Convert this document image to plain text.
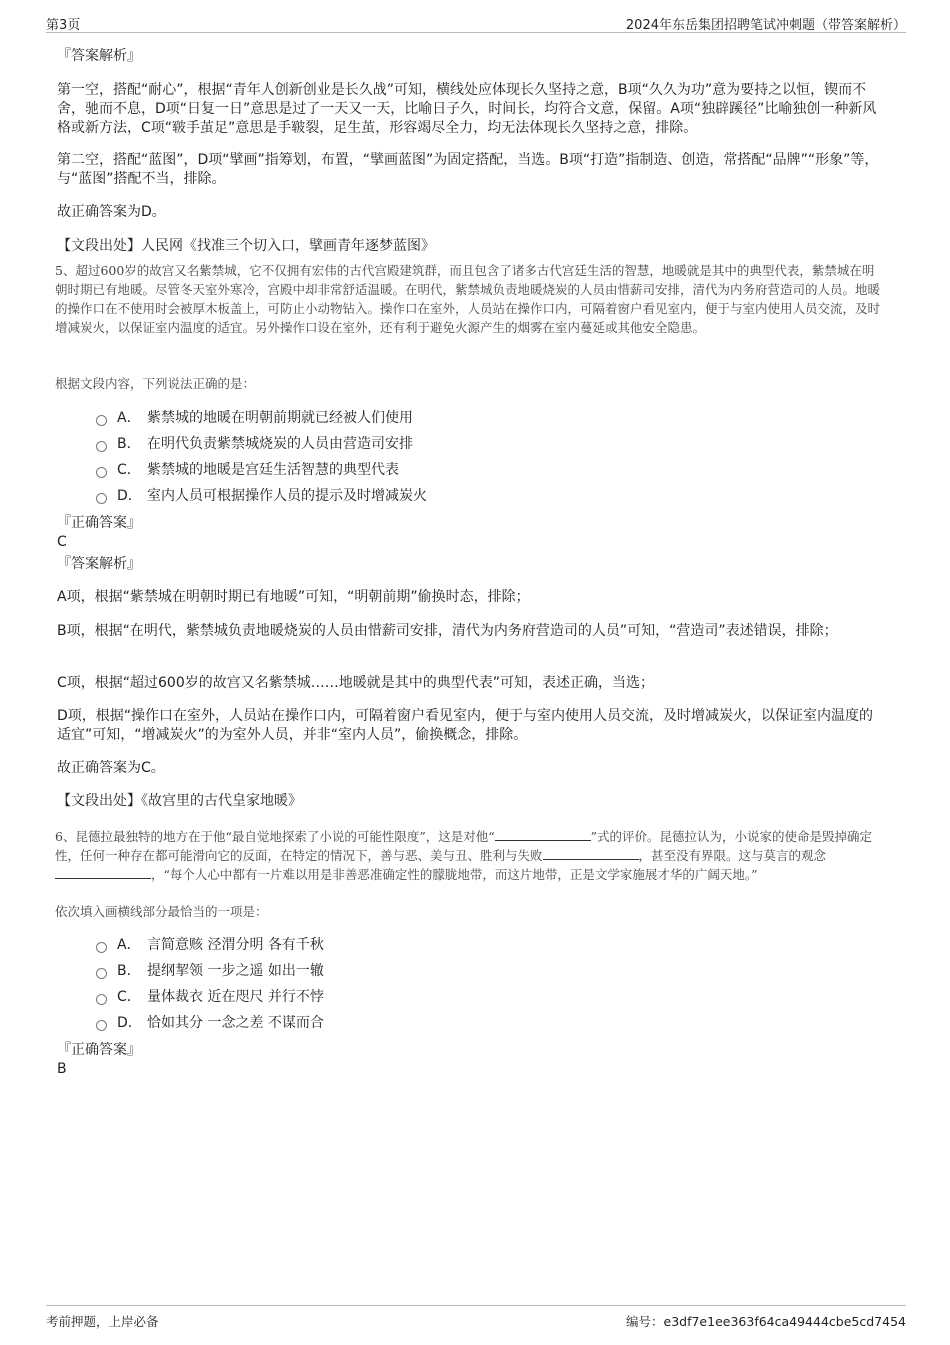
第3页	2024年东岳集团招聘笔试冲刺题（带答案解析）

『答案解析』

第一空，搭配“耐心”，根据“青年人创新创业是长久战”可知，横线处应体现长久坚持之意，B项“久久为功”意为要持之以恒，锲而不舍，驰而不息，D项“日复一日”意思是过了一天又一天，比喻日子久，时间长，均符合文意，保留。A项“独辟蹊径”比喻独创一种新风格或新方法，C项“皲手茧足”意思是手皲裂，足生茧，形容竭尽全力，均无法体现长久坚持之意，排除。

第二空，搭配“蓝图”，D项“擘画”指筹划，布置，“擘画蓝图”为固定搭配，当选。B项“打造”指制造、创造，常搭配“品牌”“形象”等，与“蓝图”搭配不当，排除。

故正确答案为D。

【文段出处】人民网《找准三个切入口，擘画青年逐梦蓝图》

5、超过600岁的故宫又名紫禁城，它不仅拥有宏伟的古代宫殿建筑群，而且包含了诸多古代宫廷生活的智慧，地暖就是其中的典型代表，紫禁城在明朝时期已有地暖。尽管冬天室外寒冷，宫殿中却非常舒适温暖。在明代，紫禁城负责地暖烧炭的人员由惜薪司安排，清代为内务府营造司的人员。地暖的操作口在不使用时会被厚木板盖上，可防止小动物钻入。操作口在室外，人员站在操作口内，可隔着窗户看见室内，便于与室内使用人员交流，及时增减炭火，以保证室内温度的适宜。另外操作口设在室外，还有利于避免火源产生的烟雾在室内蔓延或其他安全隐患。

根据文段内容，下列说法正确的是：

A． 紫禁城的地暖在明朝前期就已经被人们使用
B． 在明代负责紫禁城烧炭的人员由营造司安排
C． 紫禁城的地暖是宫廷生活智慧的典型代表
D． 室内人员可根据操作人员的提示及时增减炭火

『正确答案』

C

『答案解析』

A项，根据“紫禁城在明朝时期已有地暖”可知，“明朝前期”偷换时态，排除；

B项，根据“在明代，紫禁城负责地暖烧炭的人员由惜薪司安排，清代为内务府营造司的人员”可知，“营造司”表述错误，排除；

C项，根据“超过600岁的故宫又名紫禁城……地暖就是其中的典型代表”可知，表述正确，当选；

D项，根据“操作口在室外，人员站在操作口内，可隔着窗户看见室内，便于与室内使用人员交流，及时增减炭火，以保证室内温度的适宜”可知，“增减炭火”的为室外人员，并非“室内人员”，偷换概念，排除。

故正确答案为C。

【文段出处】《故宫里的古代皇家地暖》

6、昆德拉最独特的地方在于他“最自觉地探索了小说的可能性限度”，这是对他“	”式的评价。昆德拉认为，小说家的使命是毁掉确定性，任何一种存在都可能滑向它的反面，在特定的情况下，善与恶、美与丑、胜利与失败	，甚至没有界限。这与莫言的观念，“每个人心中都有一片难以用是非善恶准确定性的朦胧地带，而这片地带，正是文学家施展才华的广阔天地。”

依次填入画横线部分最恰当的一项是：

A． 言简意赅 泾渭分明 各有千秋
B． 提纲挈领 一步之遥 如出一辙
C． 量体裁衣 近在咫尺 并行不悖
D． 恰如其分 一念之差 不谋而合

『正确答案』

B

考前押题，上岸必备	编号：e3df7e1ee363f64ca49444cbe5cd7454
